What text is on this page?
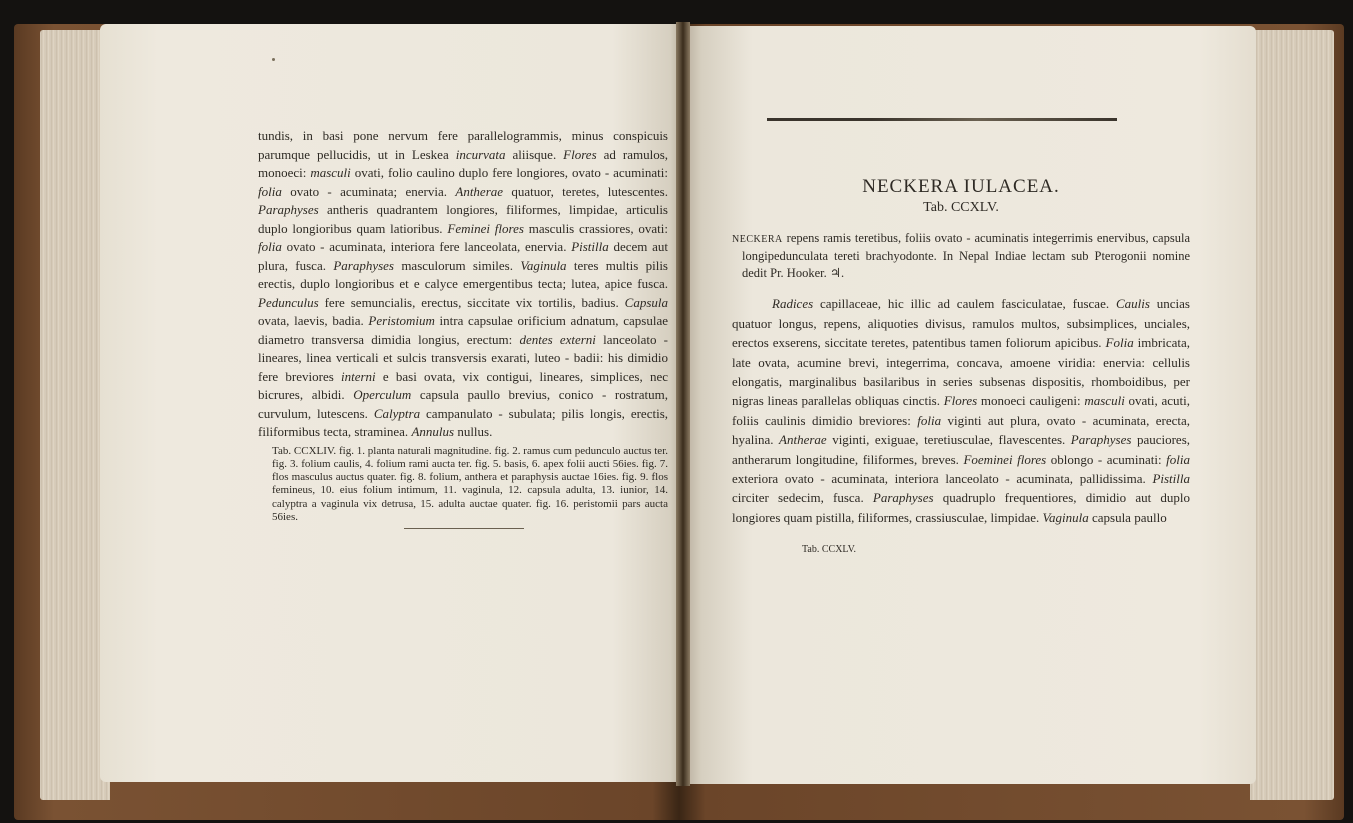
tundis, in basi pone nervum fere parallelogrammis, minus conspicuis parumque pellucidis, ut in Leskea incurvata aliisque. Flores ad ramulos, monoeci: masculi ovati, folio caulino duplo fere longiores, ovato - acuminati: folia ovato - acuminata; enervia. Antherae quatuor, teretes, lutescentes. Paraphyses antheris quadrantem longiores, filiformes, limpidae, articulis duplo longioribus quam latioribus. Feminei flores masculis crassiores, ovati: folia ovato - acuminata, interiora fere lanceolata, enervia. Pistilla decem aut plura, fusca. Paraphyses masculorum similes. Vaginula teres multis pilis erectis, duplo longioribus et e calyce emergentibus tecta; lutea, apice fusca. Pedunculus fere semuncialis, erectus, siccitate vix tortilis, badius. Capsula ovata, laevis, badia. Peristomium intra capsulae orificium adnatum, capsulae diametro transversa dimidia longius, erectum: dentes externi lanceolato - lineares, linea verticali et sulcis transversis exarati, luteo - badii: his dimidio fere breviores interni e basi ovata, vix contigui, lineares, simplices, nec bicrures, albidi. Operculum capsula paullo brevius, conico - rostratum, curvulum, lutescens. Calyptra campanulato - subulata; pilis longis, erectis, filiformibus tecta, straminea. Annulus nullus.

Tab. CCXLIV. fig. 1. planta naturali magnitudine. fig. 2. ramus cum pedunculo auctus ter. fig. 3. folium caulis, 4. folium rami aucta ter. fig. 5. basis, 6. apex folii aucti 56ies. fig. 7. flos masculus auctus quater. fig. 8. folium, anthera et paraphysis auctae 16ies. fig. 9. flos femineus, 10. eius folium intimum, 11. vaginula, 12. capsula adulta, 13. iunior, 14. calyptra a vaginula vix detrusa, 15. adulta auctae quater. fig. 16. peristomii pars aucta 56ies.
NECKERA IULACEA.
Tab. CCXLV.

NECKERA repens ramis teretibus, foliis ovato - acuminatis integerrimis enervibus, capsula longipedunculata tereti brachyodonte. In Nepal Indiae lectam sub Pterogonii nomine dedit Pr. Hooker. ♃.

Radices capillaceae, hic illic ad caulem fasciculatae, fuscae. Caulis uncias quatuor longus, repens, aliquoties divisus, ramulos multos, subsimplices, unciales, erectos exserens, siccitate teretes, patentibus tamen foliorum apicibus. Folia imbricata, late ovata, acumine brevi, integerrima, concava, amoene viridia: enervia: cellulis elongatis, marginalibus basilaribus in series subsenas dispositis, rhomboidibus, per nigras lineas parallelas obliquas cinctis. Flores monoeci cauligeni: masculi ovati, acuti, foliis caulinis dimidio breviores: folia viginti aut plura, ovato - acuminata, erecta, hyalina. Antherae viginti, exiguae, teretiusculae, flavescentes. Paraphyses pauciores, antherarum longitudine, filiformes, breves. Foeminei flores oblongo - acuminati: folia exteriora ovato - acuminata, interiora lanceolato - acuminata, pallidissima. Pistilla circiter sedecim, fusca. Paraphyses quadruplo frequentiores, dimidio aut duplo longiores quam pistilla, filiformes, crassiusculae, limpidae. Vaginula capsula paullo

Tab. CCXLV.
